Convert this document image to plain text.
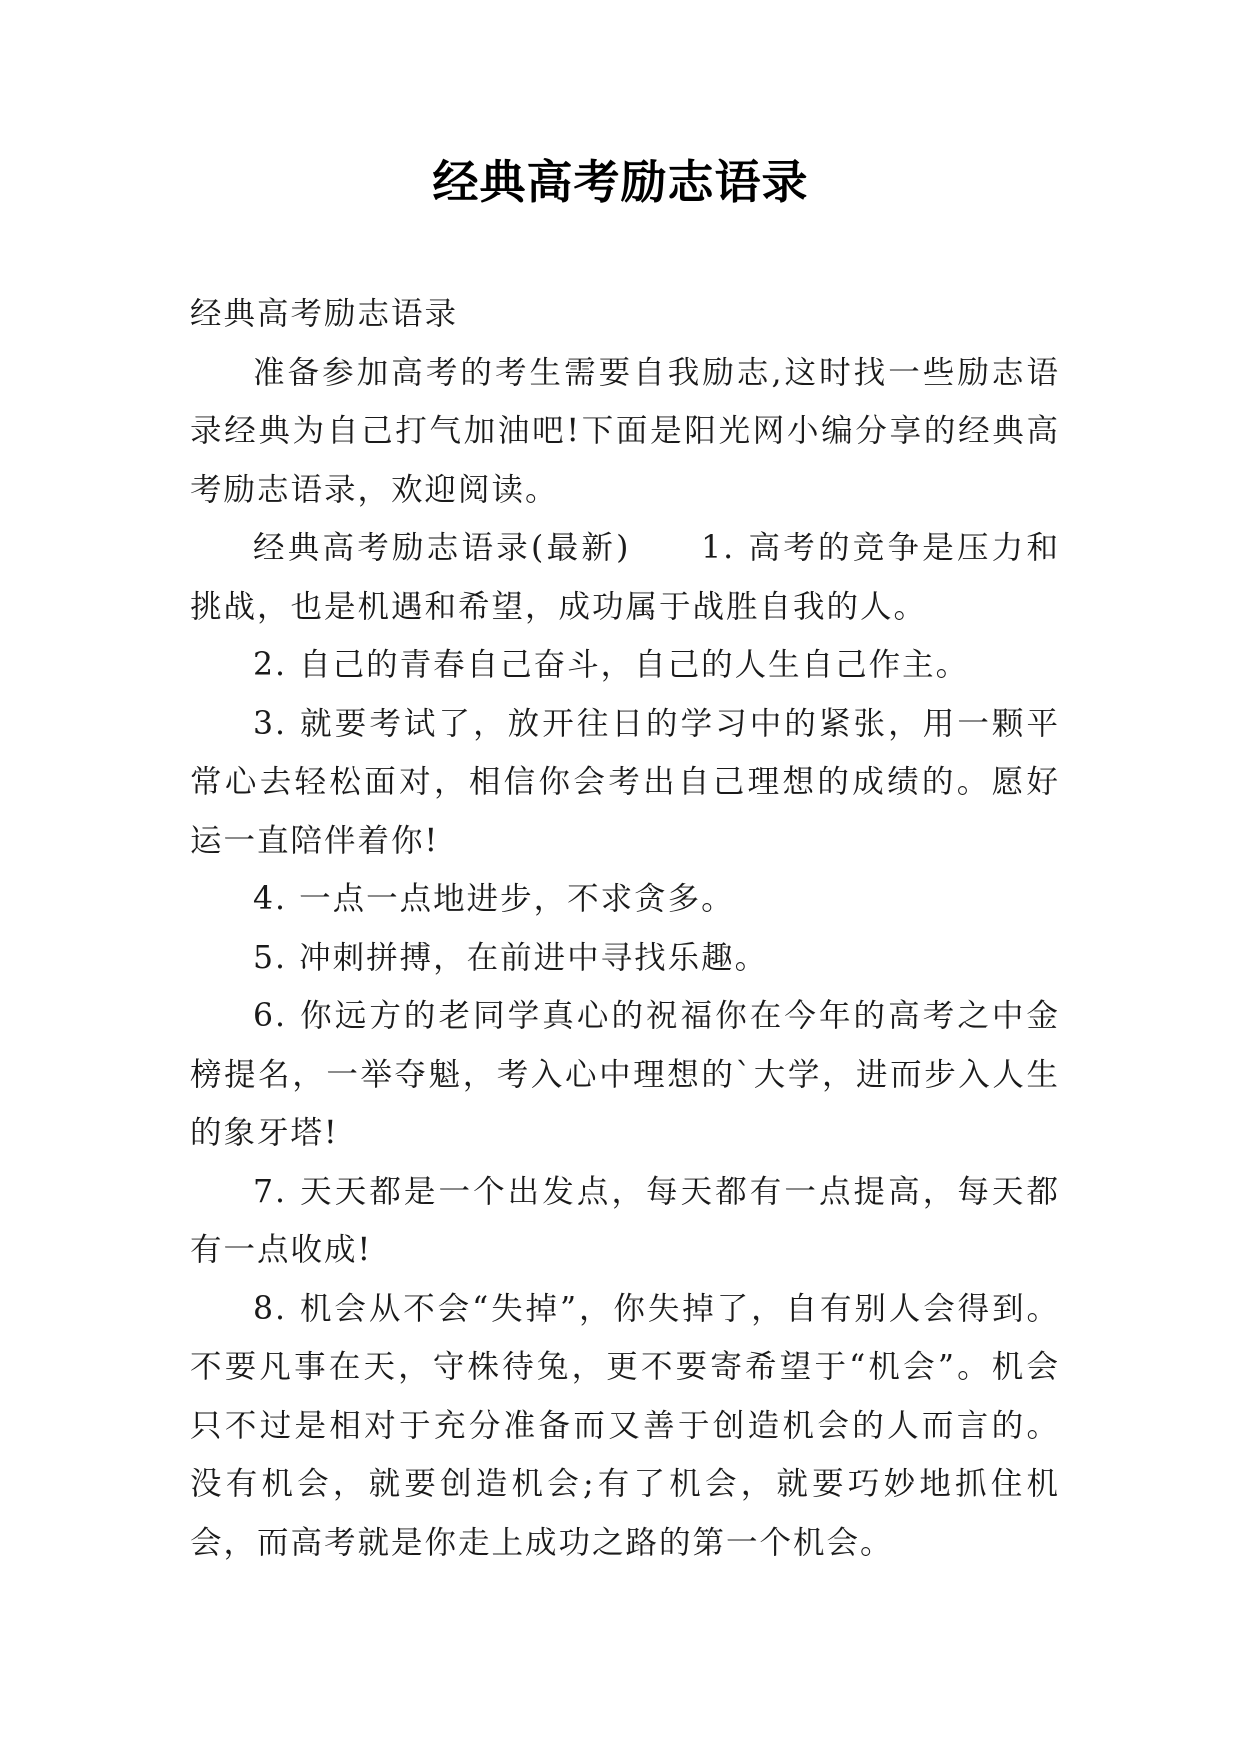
经典高考励志语录

经典高考励志语录

准备参加高考的考生需要自我励志,这时找一些励志语录经典为自己打气加油吧!下面是阳光网小编分享的经典高考励志语录，欢迎阅读。

经典高考励志语录(最新)　　1. 高考的竞争是压力和挑战，也是机遇和希望，成功属于战胜自我的人。

2. 自己的青春自己奋斗，自己的人生自己作主。

3. 就要考试了，放开往日的学习中的紧张，用一颗平常心去轻松面对，相信你会考出自己理想的成绩的。愿好运一直陪伴着你!

4. 一点一点地进步，不求贪多。

5. 冲刺拼搏，在前进中寻找乐趣。

6. 你远方的老同学真心的祝福你在今年的高考之中金榜提名，一举夺魁，考入心中理想的`大学，进而步入人生的象牙塔!

7. 天天都是一个出发点，每天都有一点提高，每天都有一点收成!

8. 机会从不会“失掉”，你失掉了，自有别人会得到。不要凡事在天，守株待兔，更不要寄希望于“机会”。机会只不过是相对于充分准备而又善于创造机会的人而言的。没有机会，就要创造机会;有了机会，就要巧妙地抓住机会，而高考就是你走上成功之路的第一个机会。
